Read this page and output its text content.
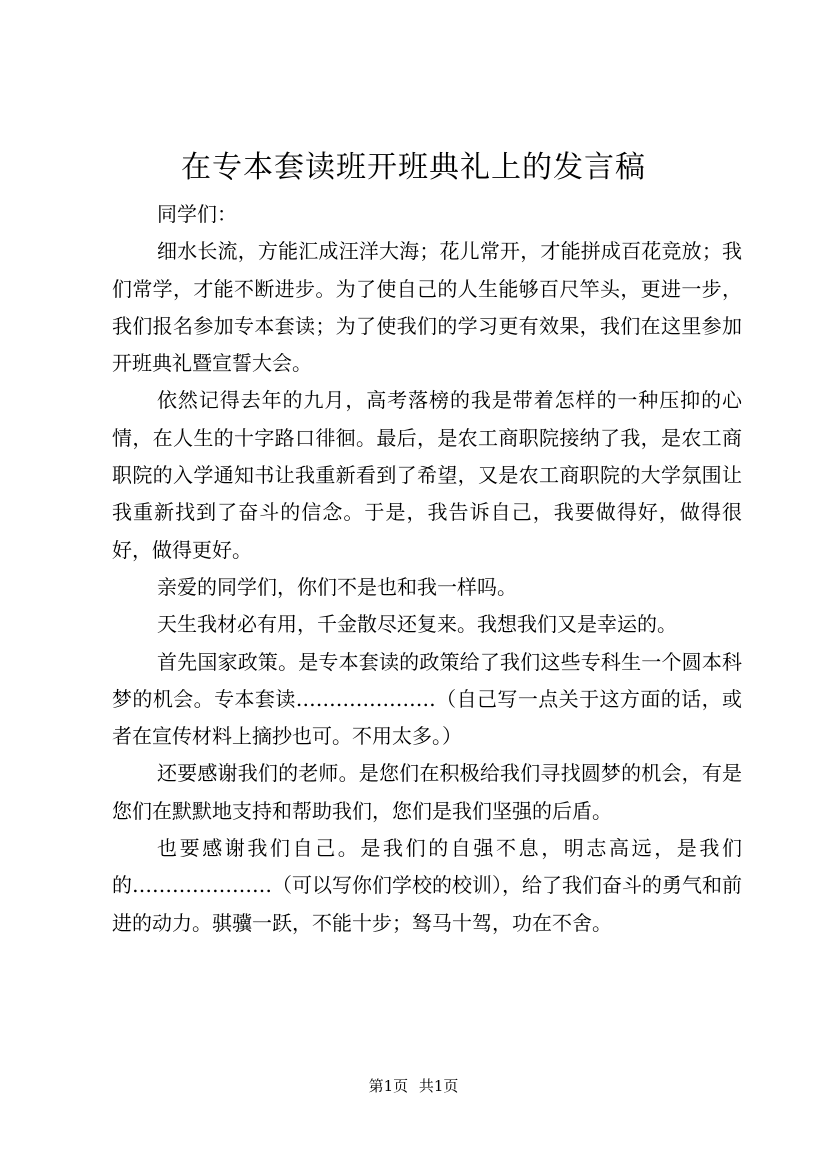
在专本套读班开班典礼上的发言稿

同学们：

细水长流，方能汇成汪洋大海；花儿常开，才能拼成百花竞放；我们常学，才能不断进步。为了使自己的人生能够百尺竿头，更进一步，我们报名参加专本套读；为了使我们的学习更有效果，我们在这里参加开班典礼暨宣誓大会。

依然记得去年的九月，高考落榜的我是带着怎样的一种压抑的心情，在人生的十字路口徘徊。最后，是农工商职院接纳了我，是农工商职院的入学通知书让我重新看到了希望，又是农工商职院的大学氛围让我重新找到了奋斗的信念。于是，我告诉自己，我要做得好，做得很好，做得更好。

亲爱的同学们，你们不是也和我一样吗。

天生我材必有用，千金散尽还复来。我想我们又是幸运的。

首先国家政策。是专本套读的政策给了我们这些专科生一个圆本科梦的机会。专本套读…………………（自己写一点关于这方面的话，或者在宣传材料上摘抄也可。不用太多。）

还要感谢我们的老师。是您们在积极给我们寻找圆梦的机会，有是您们在默默地支持和帮助我们，您们是我们坚强的后盾。

也要感谢我们自己。是我们的自强不息，明志高远，是我们的…………………（可以写你们学校的校训），给了我们奋斗的勇气和前进的动力。骐骥一跃，不能十步；驽马十驾，功在不舍。

第1页 共1页
